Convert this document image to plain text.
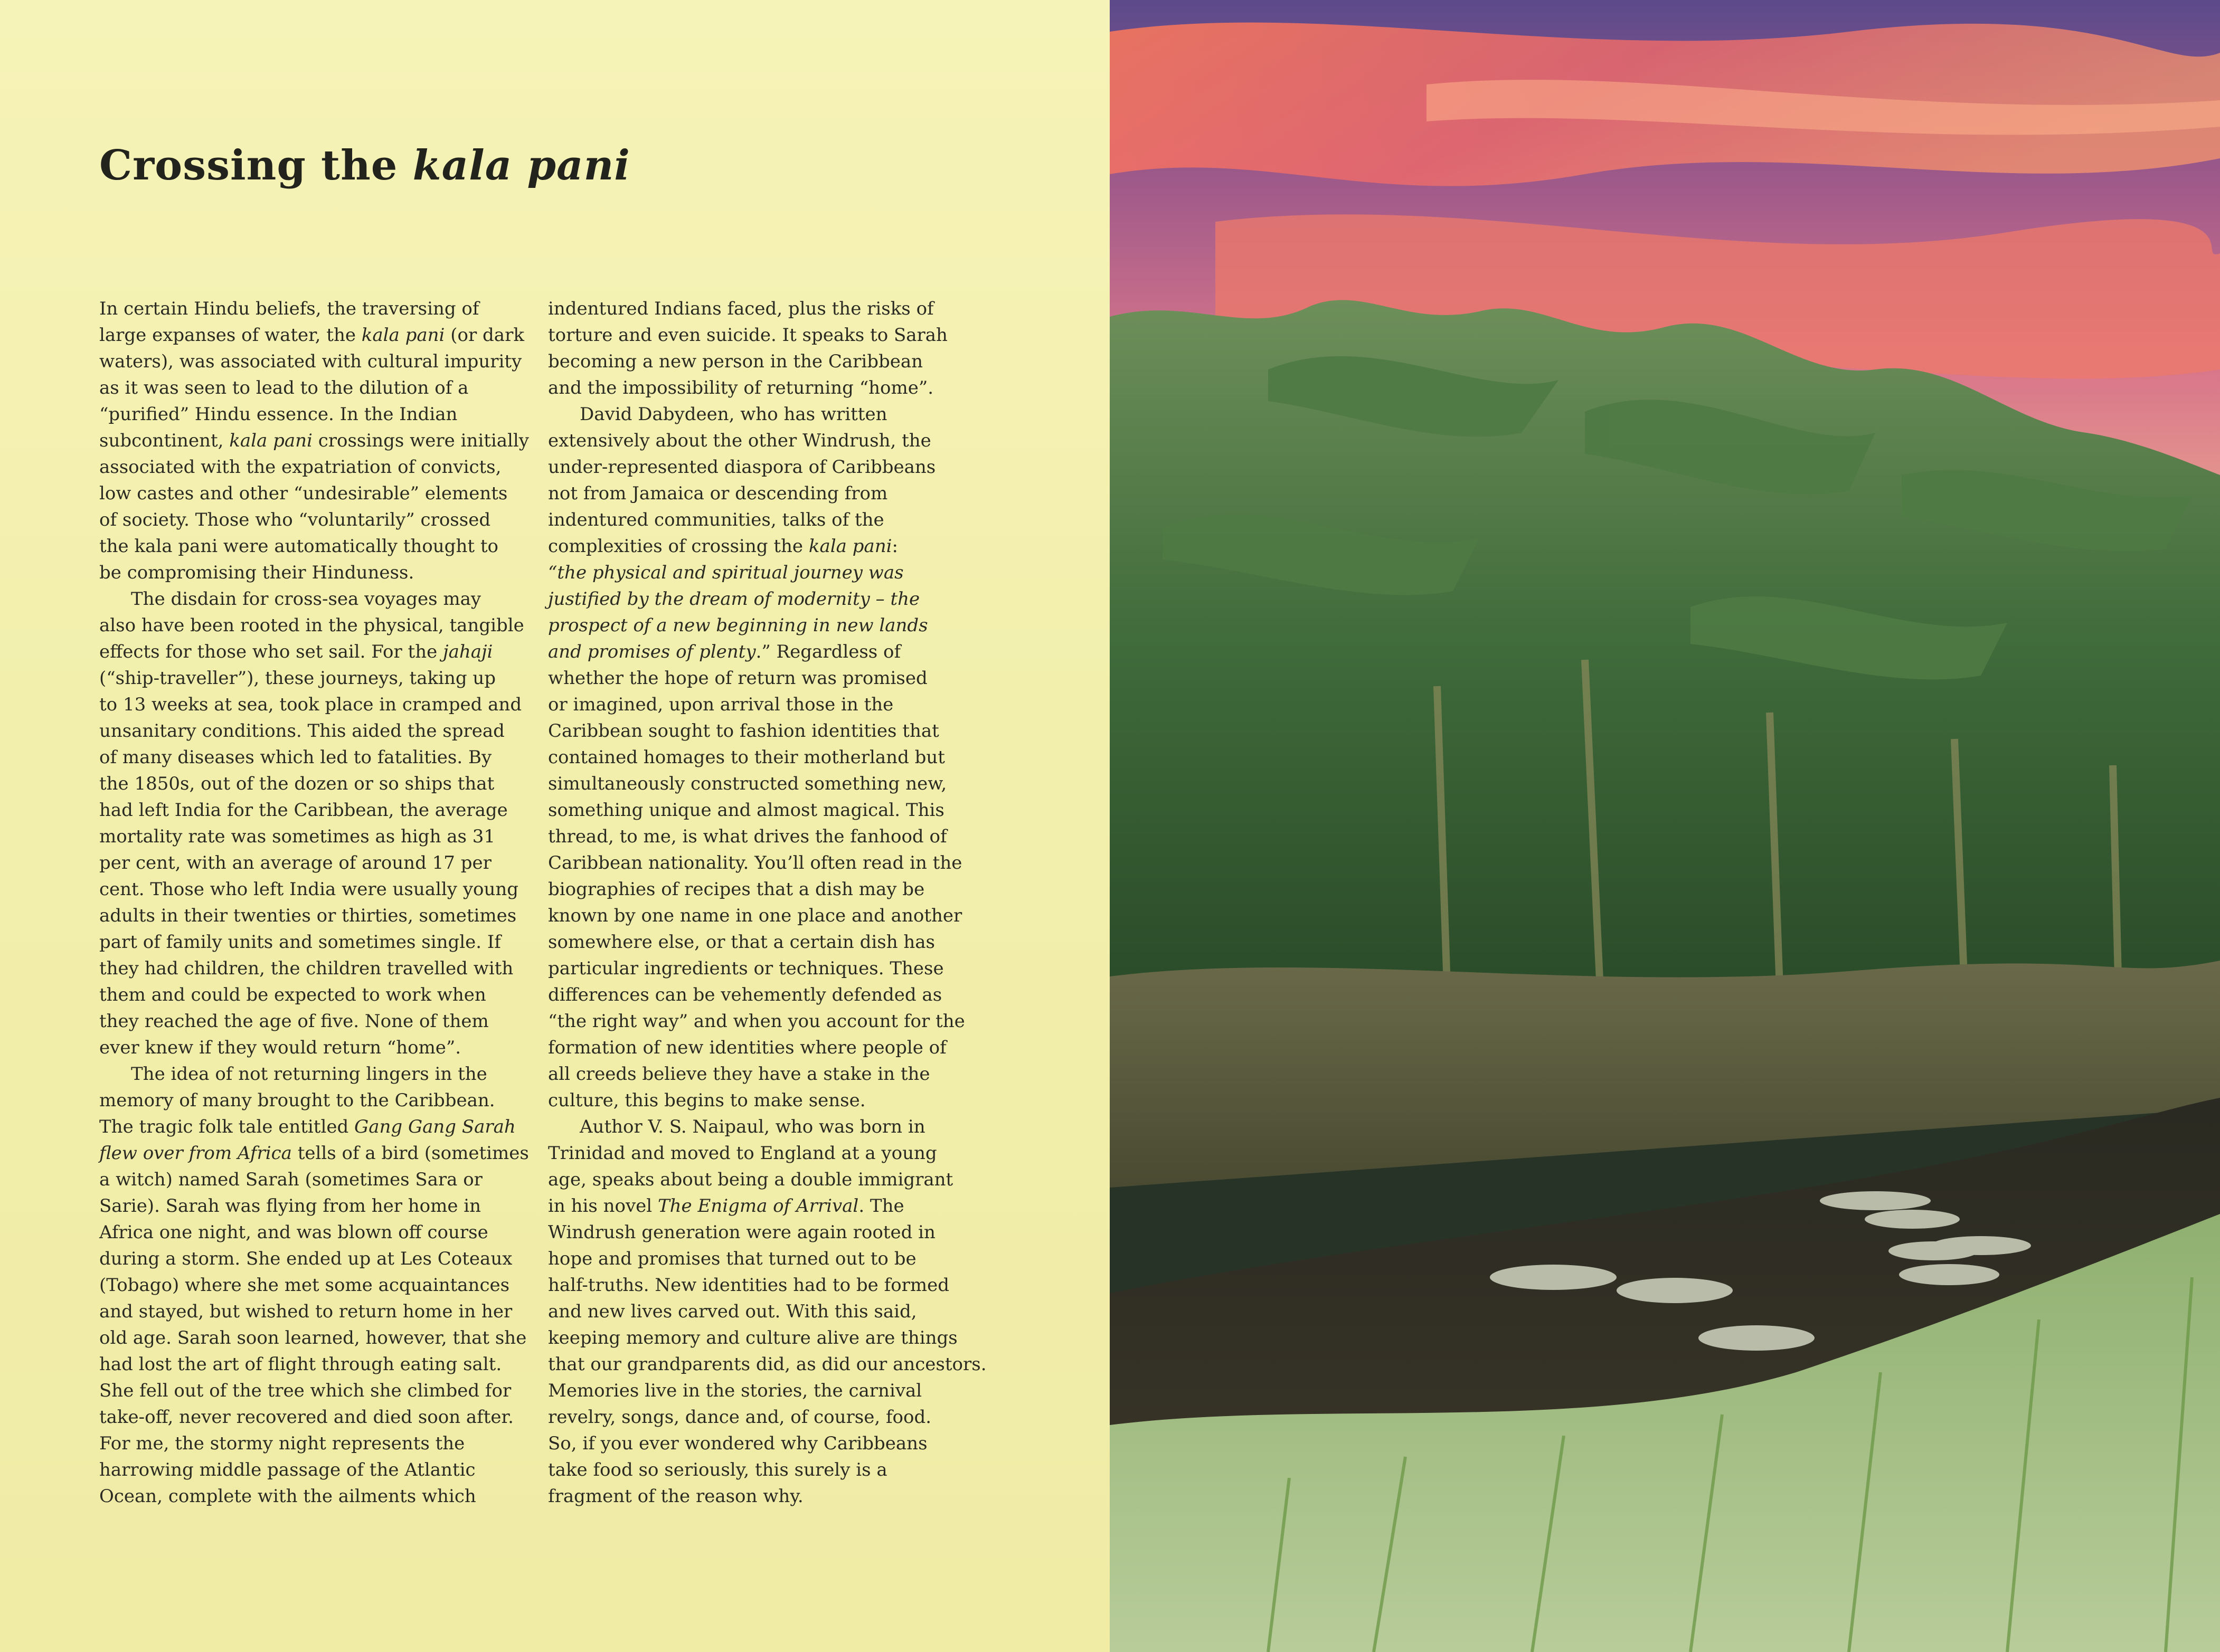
Crossing the kala pani
In certain Hindu beliefs, the traversing of
large expanses of water, the kala pani (or dark
waters), was associated with cultural impurity
as it was seen to lead to the dilution of a
“purified” Hindu essence. In the Indian
subcontinent, kala pani crossings were initially
associated with the expatriation of convicts,
low castes and other “undesirable” elements
of society. Those who “voluntarily” crossed
the kala pani were automatically thought to
be compromising their Hinduness.
The disdain for cross-sea voyages may
also have been rooted in the physical, tangible
effects for those who set sail. For the jahaji
(“ship-traveller”), these journeys, taking up
to 13 weeks at sea, took place in cramped and
unsanitary conditions. This aided the spread
of many diseases which led to fatalities. By
the 1850s, out of the dozen or so ships that
had left India for the Caribbean, the average
mortality rate was sometimes as high as 31
per cent, with an average of around 17 per
cent. Those who left India were usually young
adults in their twenties or thirties, sometimes
part of family units and sometimes single. If
they had children, the children travelled with
them and could be expected to work when
they reached the age of five. None of them
ever knew if they would return “home”.
The idea of not returning lingers in the
memory of many brought to the Caribbean.
The tragic folk tale entitled Gang Gang Sarah
flew over from Africa tells of a bird (sometimes
a witch) named Sarah (sometimes Sara or
Sarie). Sarah was flying from her home in
Africa one night, and was blown off course
during a storm. She ended up at Les Coteaux
(Tobago) where she met some acquaintances
and stayed, but wished to return home in her
old age. Sarah soon learned, however, that she
had lost the art of flight through eating salt.
She fell out of the tree which she climbed for
take-off, never recovered and died soon after.
For me, the stormy night represents the
harrowing middle passage of the Atlantic
Ocean, complete with the ailments which
indentured Indians faced, plus the risks of
torture and even suicide. It speaks to Sarah
becoming a new person in the Caribbean
and the impossibility of returning “home”.
David Dabydeen, who has written
extensively about the other Windrush, the
under-represented diaspora of Caribbeans
not from Jamaica or descending from
indentured communities, talks of the
complexities of crossing the kala pani:
“the physical and spiritual journey was
justified by the dream of modernity – the
prospect of a new beginning in new lands
and promises of plenty.” Regardless of
whether the hope of return was promised
or imagined, upon arrival those in the
Caribbean sought to fashion identities that
contained homages to their motherland but
simultaneously constructed something new,
something unique and almost magical. This
thread, to me, is what drives the fanhood of
Caribbean nationality. You’ll often read in the
biographies of recipes that a dish may be
known by one name in one place and another
somewhere else, or that a certain dish has
particular ingredients or techniques. These
differences can be vehemently defended as
“the right way” and when you account for the
formation of new identities where people of
all creeds believe they have a stake in the
culture, this begins to make sense.
Author V. S. Naipaul, who was born in
Trinidad and moved to England at a young
age, speaks about being a double immigrant
in his novel The Enigma of Arrival. The
Windrush generation were again rooted in
hope and promises that turned out to be
half-truths. New identities had to be formed
and new lives carved out. With this said,
keeping memory and culture alive are things
that our grandparents did, as did our ancestors.
Memories live in the stories, the carnival
revelry, songs, dance and, of course, food.
So, if you ever wondered why Caribbeans
take food so seriously, this surely is a
fragment of the reason why.
